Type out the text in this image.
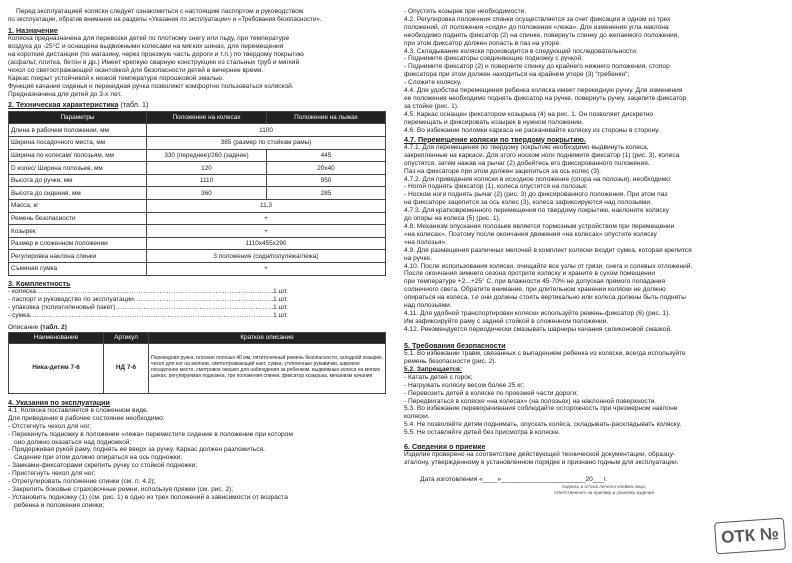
Перед эксплуатацией коляски следует ознакомиться с настоящим паспортом и руководством

по эксплуатации, обратив внимание на разделы «Указания по эксплуатации» и «Требования безопасности».

1. Назначение

Коляска предназначена для перевозки детей по плотному снегу или льду, при температуре

воздуха до -25°С и оснащена выдвижными колесами на мягких шинах, для перемещения

на короткие дистанции (по магазину, через проезжую часть дороги и т.п.) по твердому покрытию

(асфальт, плитка, бетон и др.) Имеет крепкую сварную конструкцию из стальных труб и мягкий

чехол со светоотражающей окантовкой для безопасности детей в вечернее время.

Каркас покрыт устойчивой к низкой температуре порошковой эмалью.

Функция качания сиденья и перекидная ручка позволяют комфортно пользоваться коляской.

Предназначена для детей до 3-х лет.

2. Техническая характеристика (табл. 1)

Параметры	Положение на колесах	Положение на лыжах
Длина в рабочем положении, мм	1100	
Ширина посадочного места, мм	385 (размер по стойкам рамы)	
Ширина по колесам/ полозьям, мм	330 (переднее)/260 (заднее)	445
D колес/ Ширина полозьев, мм	120	20x40
Высота до ручки, мм	1110	950
Высота до сидения, мм	360	285
Масса, кг	11,3	
Ремень безопасности	+	
Козырек	+	
Размер в сложенном положении	1110x455x290	
Регулировка наклона спинки	3 положения (сидя/полулежа/лежа)	
Съемная сумка	+	

3. Комплектность

- коляска .....	1 шт.
- паспорт и руководство по эксплуатации .....	1 шт.
- упаковка (полиэтиленовый пакет) .....	1 шт.
- сумка .....	1 шт.

Описание (табл. 2)

Наименование	Артикул	Краткое описание
Ника-детям 7-6	НД 7-6	Перекидная ручка, плоские полозья 40 мм, пятиточечный ремень безопасности, складной козырек, чехол для ног на молнии, светоотражающий кант, сумка, утепленные рукавички, широкое посадочное место, смотровое окошко для наблюдения за ребенком, выдвижные колеса на мягких шинах, регулируемая подножка, три положения спинки, фиксатор козырька, механизм качания

4. Указания по эксплуатации

4.1. Коляска поставляется в сложенном виде.

Для приведения в рабочее состояние необходимо:

- Отстегнуть чехол для ног;

- Перекинуть подножку в положение «лежа» переместите сидение в положение при котором

оно должно оказаться над подножкой;

- Придерживая рукой раму, поднять ее вверх за ручку. Каркас должен разложиться.

Сидение при этом должно опираться на ось подножки;

- Замками-фиксаторами скрепить ручку со стойкой подножки;

- Пристегнуть чехол для ног;

- Отрегулировать положение спинки (см. п. 4.2);

- Закрепить боковые страховочные ремни, используя пряжки (см. рис. 2);

- Установить подножку (1) (см. рис. 1) в одно из трех положений в зависимости от возраста

ребенка и положения спинки;

- Опустить козырек при необходимости.

4.2. Регулировка положения спинки осуществляется за счет фиксации в одном из трех

положений, от положения «сидя» до положения «лежа». Для изменения угла наклона

необходимо поднять фиксатор (2) на спинке, повернуть спинку до желаемого положения,

при этом фиксатор должен попасть в паз на упоре.

4.3. Складывание коляски производится в следующей последовательности:

- Поднимите фиксаторы соединяющие подножку с ручкой;

- Поднимите фиксатор (2) и поверните спинку до крайнего нижнего положения, стопор

фиксатора при этом должен находиться на крайнем упоре (3) "гребенки";

- Сложите коляску.

4.4. Для удобства перемещения ребенка коляска имеет перекидную ручку. Для изменения

ее положения необходимо поднять фиксатор на ручке, повернуть ручку, зацепите фиксатор

за стойке (рис. 1).

4.5. Каркас оснащен фиксатором козырька (4) на рис. 1. Он позволяет дискретно

перемещать и фиксировать козырек в нужном положении.

4.6. Во избежание поломки каркаса не раскачивайте коляску из стороны в сторону.

4.7. Перемещение коляски по твердому покрытию.

4.7.1. Для перемещения по твердому покрытию необходимо выдвинуть колеса,

закрепленные на каркасе. Для этого носком ноги поднимите фиксатор (1) (рис. 3), колеса

опустятся, затем нажав на рычаг (2) добейтесь его фиксированного положения.

Паз на фиксаторе при этом должен зацепиться за ось колес (3).

4.7.2. Для приведения коляски в исходное положение (опора на полозья), необходимо:

- Ногой поднять фиксатор (1), колеса опустится на полозья;

- Носком ноги поднять рычаг (2) (рис. 3) до фиксированного положения. При этом паз

на фиксаторе зацепится за ось колес (3), колеса зафиксируются над полозьями.

4.7.3. Для кратковременного перемещения по твердому покрытию, наклоните коляску

до опоры на колеса (5) (рис. 1).

4.8. Механизм опускания полозьев является тормозным устройством при перемещении

«на колесах». Поэтому после окончания движения «на колесах» опустите коляску

«на полозья».

4.9. Для размещения различных мелочей в комплект коляски входит сумка, которая крепится

на ручке.

4.10. После использования коляски, очищайте все узлы от грязи, снега и солевых отложений.

После окончания зимнего сезона протрите коляску и храните в сухом помещении

при температуре +2...+25° С, при влажности 45-70% не допуская прямого попадания

солнечного света. Обратите внимание, при длительном хранении коляски не должно

опираться на колеса, т.е они должны стоять вертикально или колеса должны быть подняты

над полозьями.

4.11. Для удобной транспортировки коляски используйте ремень-фиксатор (6) (рис. 1).

Им зафиксируйте раму с задней стойкой в сложенном положении.

4.12. Рекомендуется периодически смазывать шарниры качания силиконовой смазкой.

5. Требования безопасности

5.1. Во избежании травм, связанных с выпадением ребенка из коляски, всегда используйте

ремень безопасности (рис. 2).

5.2. Запрещается:

- Катать детей с горок;

- Нагружать коляску весом более 25 кг;

- Перевозить детей в коляске по проезжей части дороги;

- Передвигаться в коляске «на колесах» (на полозьях) на наклонной поверхности.

5.3. Во избежание переворачивания соблюдайте осторожность при чрезмерном наклоне

коляски.

5.4. Не позволяйте детям поднимать, опускать колёса, складывать-раскладывать коляску.

5.5. Не оставляйте детей без присмотра в коляске.

6. Сведения о приемке

Изделие проверено на соответствие действующей технической документации, образцу-

эталону, утвержденному в установленном порядке и признано годным для эксплуатации.

Дата изготовления «____»_______________________20___г.

подпись и оттиск личного клейма лица,

ответственного за приемку и упаковку изделия

ОТК №
